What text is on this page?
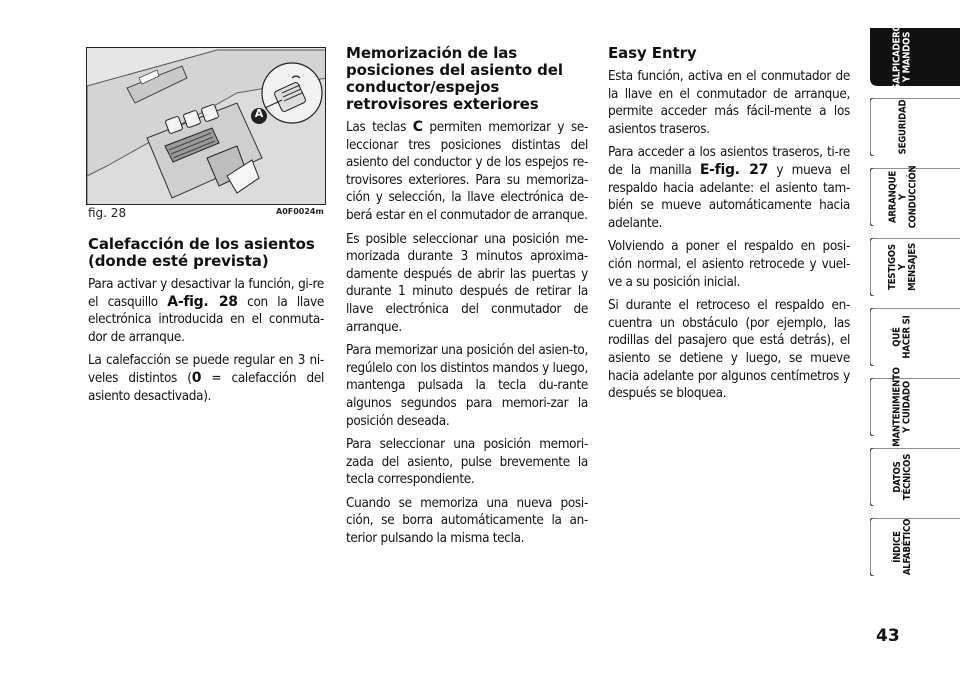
A
fig. 28	A0F0024m
Calefacción de los asientos (donde esté prevista)

Para activar y desactivar la función, gi-re el casquillo A-fig. 28 con la llave electrónica introducida en el conmuta-dor de arranque.

La calefacción se puede regular en 3 ni-veles distintos (0 = calefacción del asiento desactivada).

Memorización de las posiciones del asiento del conductor/espejos retrovisores exteriores

Las teclas C permiten memorizar y se-leccionar tres posiciones distintas del asiento del conductor y de los espejos re-trovisores exteriores. Para su memoriza-ción y selección, la llave electrónica de-berá estar en el conmutador de arranque.

Es posible seleccionar una posición me-morizada durante 3 minutos aproxima-damente después de abrir las puertas y durante 1 minuto después de retirar la llave electrónica del conmutador de arranque.

Para memorizar una posición del asien-to, regúlelo con los distintos mandos y luego, mantenga pulsada la tecla du-rante algunos segundos para memori-zar la posición deseada.

Para seleccionar una posición memori-zada del asiento, pulse brevemente la tecla correspondiente.

Cuando se memoriza una nueva posi-ción, se borra automáticamente la an-terior pulsando la misma tecla.

Easy Entry

Esta función, activa en el conmutador de la llave en el conmutador de arranque, permite acceder más fácil-mente a los asientos traseros.

Para acceder a los asientos traseros, ti-re de la manilla E-fig. 27 y mueva el respaldo hacia adelante: el asiento tam-bién se mueve automáticamente hacia adelante.

Volviendo a poner el respaldo en posi-ción normal, el asiento retrocede y vuel-ve a su posición inicial.

Si durante el retroceso el respaldo en-cuentra un obstáculo (por ejemplo, las rodillas del pasajero que está detrás), el asiento se detiene y luego, se mueve hacia adelante por algunos centímetros y después se bloquea.

SALPICADERO
Y MANDOS
SEGURIDAD
ARRANQUE
Y CONDUCCIÓN
TESTIGOS
Y MENSAJES
QUÉ
HACER SI
MANTENIMIENTO
Y CUIDADO
DATOS
TÉCNICOS
ÍNDICE
ALFABÉTICO
43
